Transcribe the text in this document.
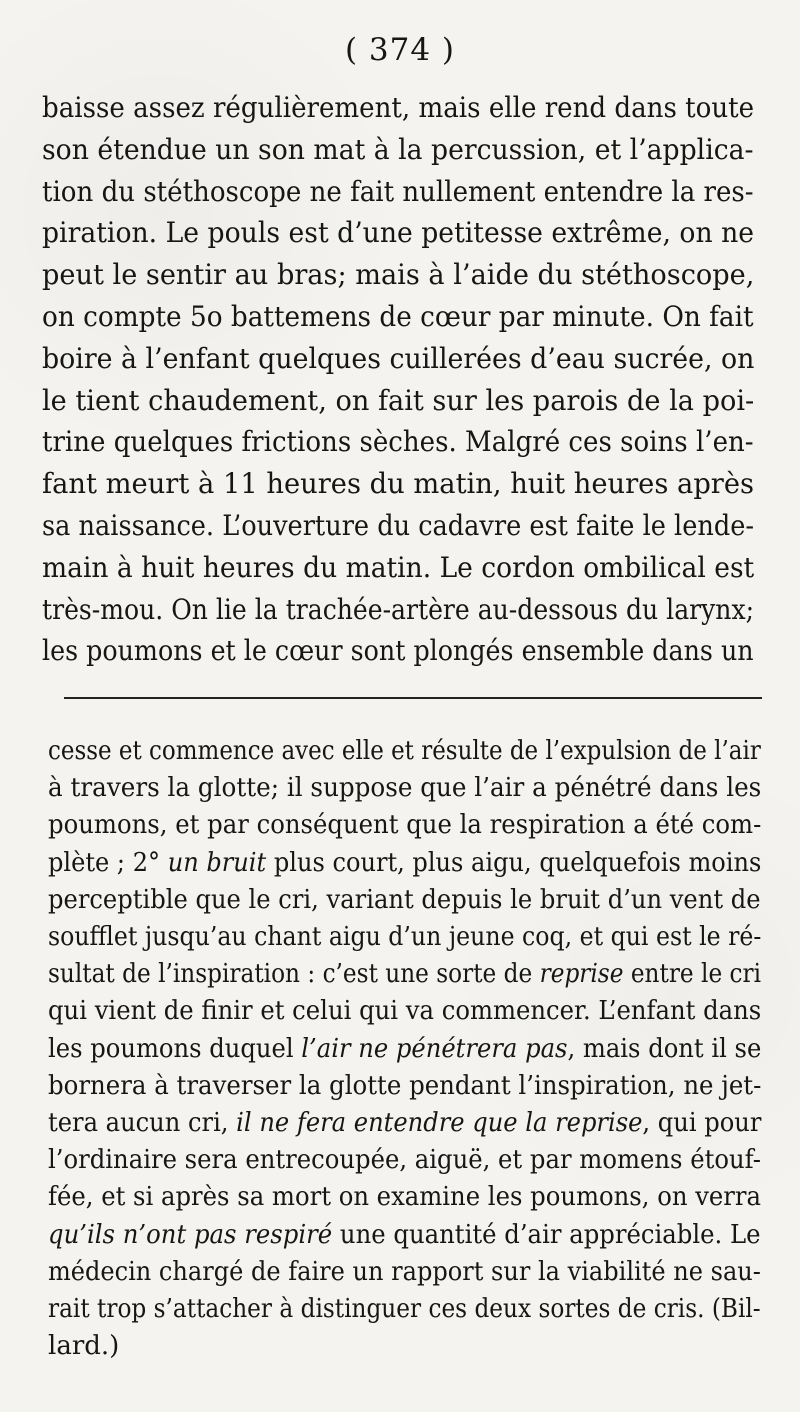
( 374 )
baisse assez régulièrement, mais elle rend dans toute
son étendue un son mat à la percussion, et l’applica-
tion du stéthoscope ne fait nullement entendre la res-
piration. Le pouls est d’une petitesse extrême, on ne
peut le sentir au bras; mais à l’aide du stéthoscope,
on compte 5o battemens de cœur par minute. On fait
boire à l’enfant quelques cuillerées d’eau sucrée, on
le tient chaudement, on fait sur les parois de la poi-
trine quelques frictions sèches. Malgré ces soins l’en-
fant meurt à 11 heures du matin, huit heures après
sa naissance. L’ouverture du cadavre est faite le lende-
main à huit heures du matin. Le cordon ombilical est
très-mou. On lie la trachée-artère au-dessous du larynx;
les poumons et le cœur sont plongés ensemble dans un
cesse et commence avec elle et résulte de l’expulsion de l’air
à travers la glotte; il suppose que l’air a pénétré dans les
poumons, et par conséquent que la respiration a été com-
plète ; 2° un bruit plus court, plus aigu, quelquefois moins
perceptible que le cri, variant depuis le bruit d’un vent de
soufflet jusqu’au chant aigu d’un jeune coq, et qui est le ré-
sultat de l’inspiration : c’est une sorte de reprise entre le cri
qui vient de finir et celui qui va commencer. L’enfant dans
les poumons duquel l’air ne pénétrera pas, mais dont il se
bornera à traverser la glotte pendant l’inspiration, ne jet-
tera aucun cri, il ne fera entendre que la reprise, qui pour
l’ordinaire sera entrecoupée, aiguë, et par momens étouf-
fée, et si après sa mort on examine les poumons, on verra
qu’ils n’ont pas respiré une quantité d’air appréciable. Le
médecin chargé de faire un rapport sur la viabilité ne sau-
rait trop s’attacher à distinguer ces deux sortes de cris. (Bil-
lard.)
